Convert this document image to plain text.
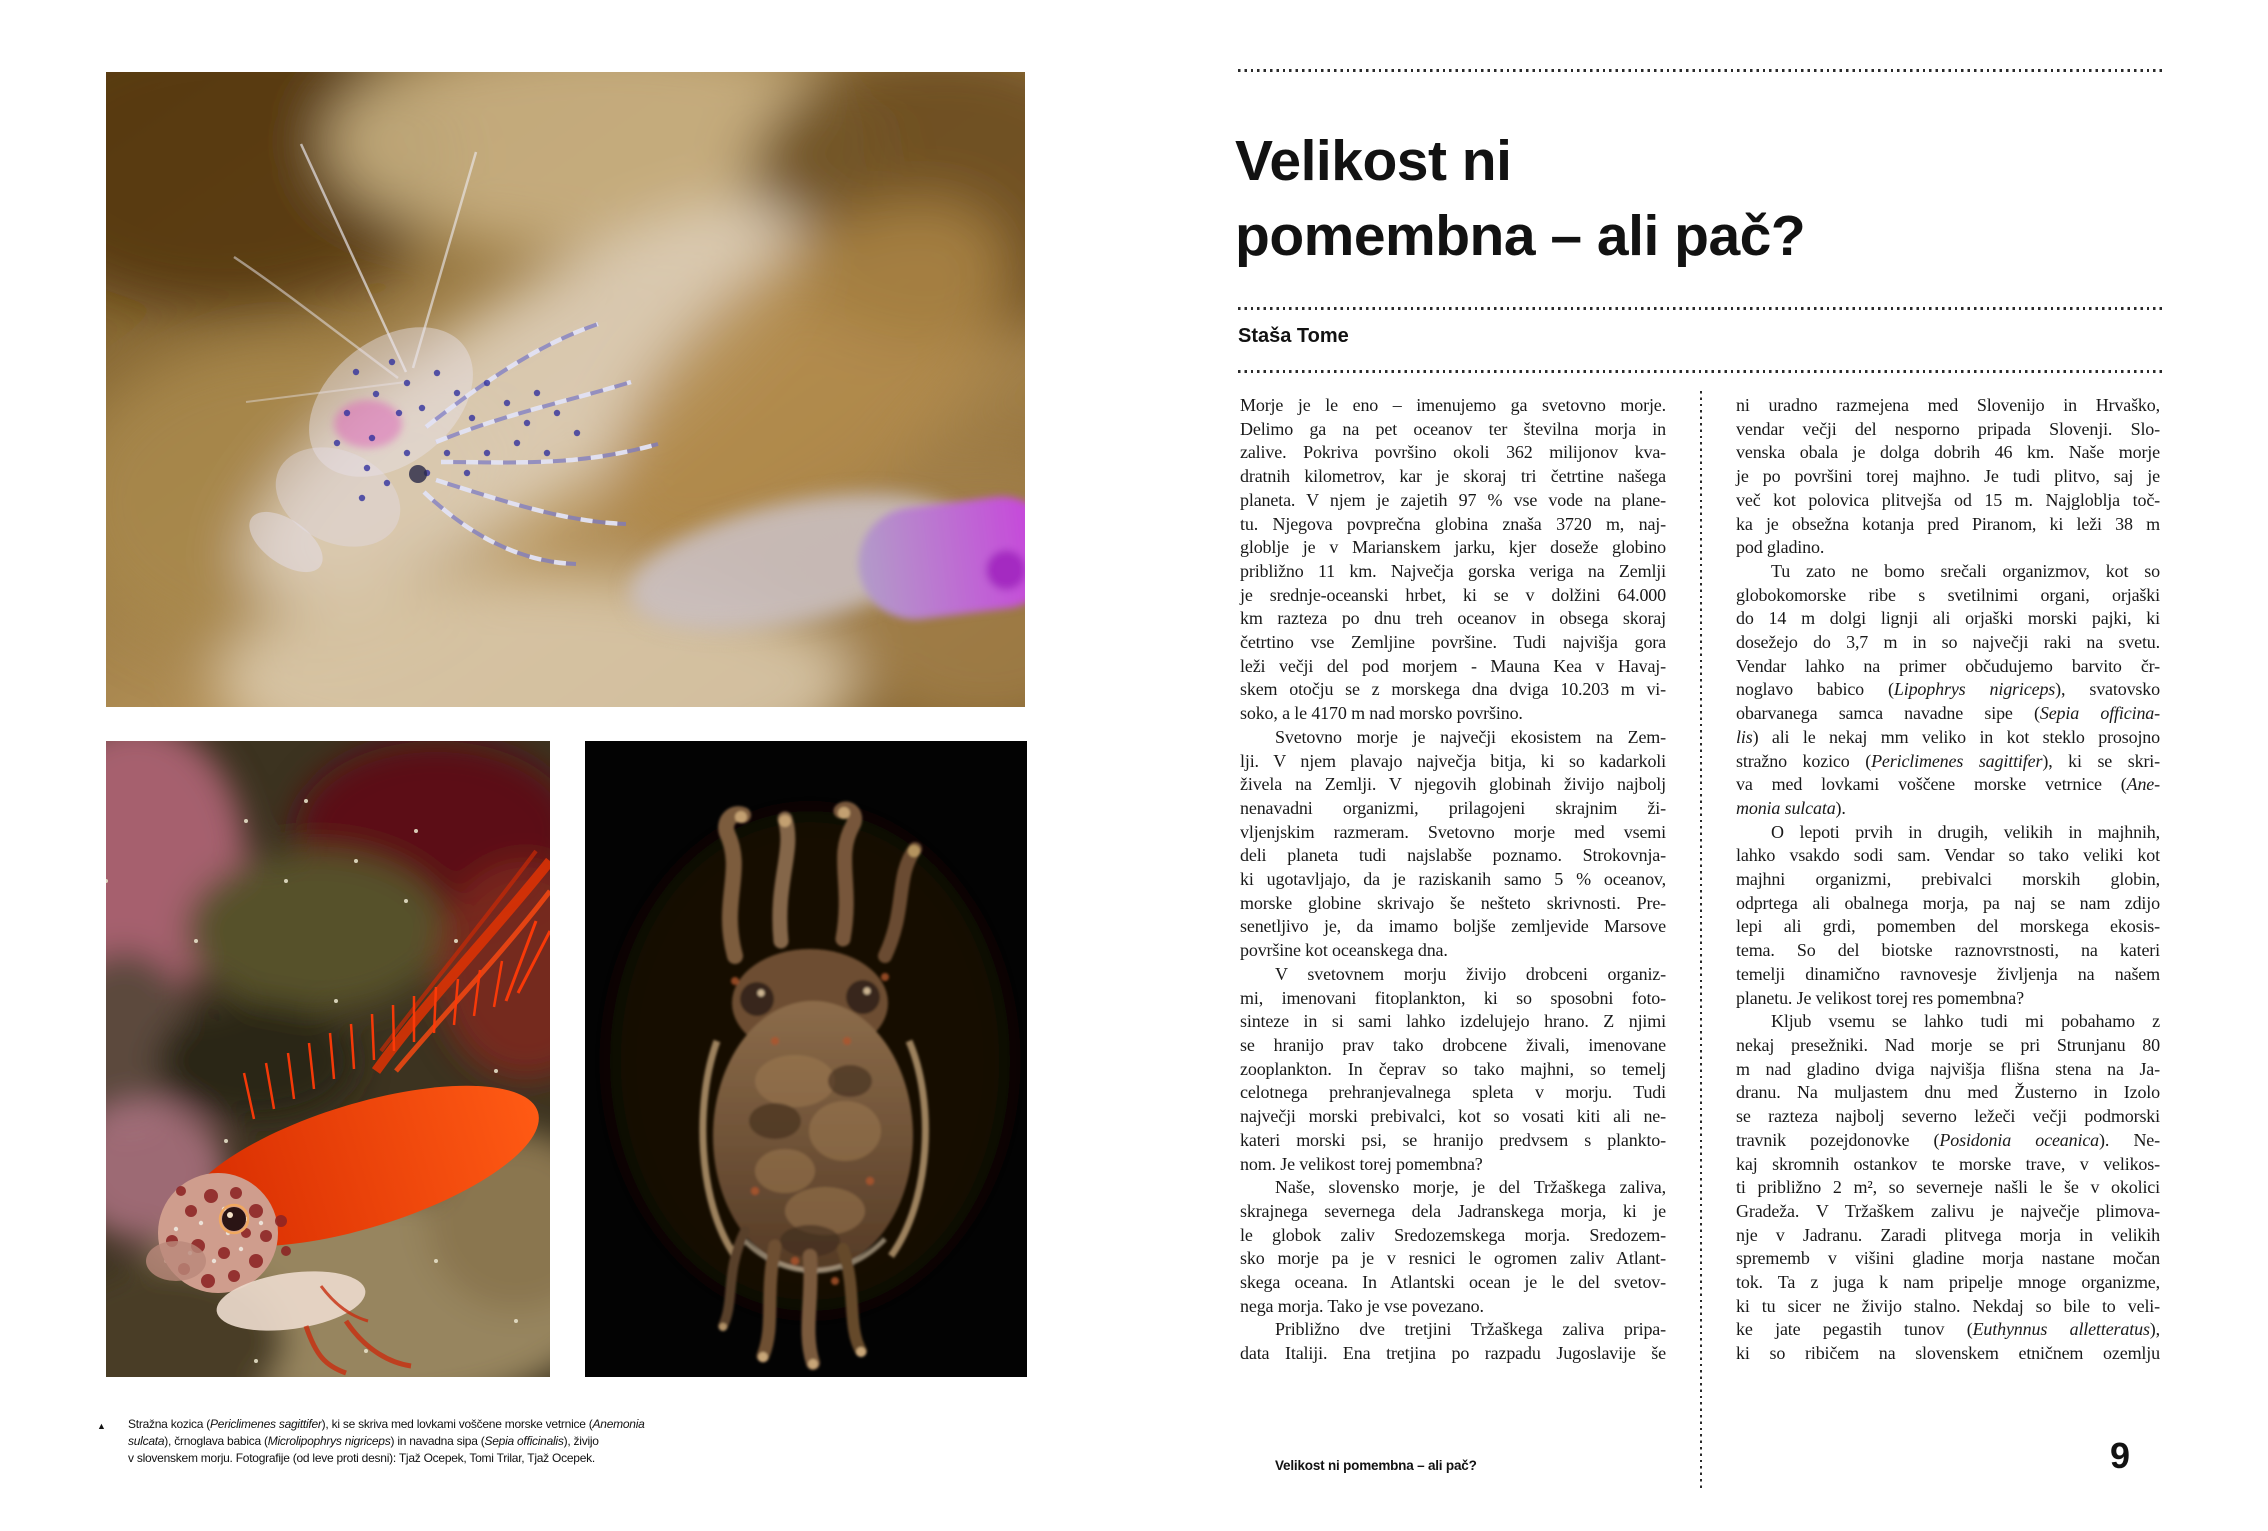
▲ Stražna kozica (Periclimenes sagittifer), ki se skriva med lovkami voščene morske vetrnice (Anemonia
sulcata), črnoglava babica (Microlipophrys nigriceps) in navadna sipa (Sepia officinalis), živijo
v slovenskem morju. Fotografije (od leve proti desni): Tjaž Ocepek, Tomi Trilar, Tjaž Ocepek.
Velikost ni
pomembna – ali pač?
Staša Tome
Morje je le eno – imenujemo ga svetovno morje.
Delimo ga na pet oceanov ter številna morja in
zalive. Pokriva površino okoli 362 milijonov kva-
dratnih kilometrov, kar je skoraj tri četrtine našega
planeta. V njem je zajetih 97 % vse vode na plane-
tu. Njegova povprečna globina znaša 3720 m, naj-
globlje je v Marianskem jarku, kjer doseže globino
približno 11 km. Največja gorska veriga na Zemlji
je srednje-oceanski hrbet, ki se v dolžini 64.000
km razteza po dnu treh oceanov in obsega skoraj
četrtino vse Zemljine površine. Tudi najvišja gora
leži večji del pod morjem - Mauna Kea v Havaj-
skem otočju se z morskega dna dviga 10.203 m vi-
soko, a le 4170 m nad morsko površino.
Svetovno morje je največji ekosistem na Zem-
lji. V njem plavajo največja bitja, ki so kadarkoli
živela na Zemlji. V njegovih globinah živijo najbolj
nenavadni organizmi, prilagojeni skrajnim ži-
vljenjskim razmeram. Svetovno morje med vsemi
deli planeta tudi najslabše poznamo. Strokovnja-
ki ugotavljajo, da je raziskanih samo 5 % oceanov,
morske globine skrivajo še nešteto skrivnosti. Pre-
senetljivo je, da imamo boljše zemljevide Marsove
površine kot oceanskega dna.
V svetovnem morju živijo drobceni organiz-
mi, imenovani fitoplankton, ki so sposobni foto-
sinteze in si sami lahko izdelujejo hrano. Z njimi
se hranijo prav tako drobcene živali, imenovane
zooplankton. In čeprav so tako majhni, so temelj
celotnega prehranjevalnega spleta v morju. Tudi
največji morski prebivalci, kot so vosati kiti ali ne-
kateri morski psi, se hranijo predvsem s plankto-
nom. Je velikost torej pomembna?
Naše, slovensko morje, je del Tržaškega zaliva,
skrajnega severnega dela Jadranskega morja, ki je
le globok zaliv Sredozemskega morja. Sredozem-
sko morje pa je v resnici le ogromen zaliv Atlant-
skega oceana. In Atlantski ocean je le del svetov-
nega morja. Tako je vse povezano.
Približno dve tretjini Tržaškega zaliva pripa-
data Italiji. Ena tretjina po razpadu Jugoslavije še
ni uradno razmejena med Slovenijo in Hrvaško,
vendar večji del nesporno pripada Slovenji. Slo-
venska obala je dolga dobrih 46 km. Naše morje
je po površini torej majhno. Je tudi plitvo, saj je
več kot polovica plitvejša od 15 m. Najgloblja toč-
ka je obsežna kotanja pred Piranom, ki leži 38 m
pod gladino.
Tu zato ne bomo srečali organizmov, kot so
globokomorske ribe s svetilnimi organi, orjaški
do 14 m dolgi lignji ali orjaški morski pajki, ki
dosežejo do 3,7 m in so največji raki na svetu.
Vendar lahko na primer občudujemo barvito čr-
noglavo babico (Lipophrys nigriceps), svatovsko
obarvanega samca navadne sipe (Sepia officina-
lis) ali le nekaj mm veliko in kot steklo prosojno
stražno kozico (Periclimenes sagittifer), ki se skri-
va med lovkami voščene morske vetrnice (Ane-
monia sulcata).
O lepoti prvih in drugih, velikih in majhnih,
lahko vsakdo sodi sam. Vendar so tako veliki kot
majhni organizmi, prebivalci morskih globin,
odprtega ali obalnega morja, pa naj se nam zdijo
lepi ali grdi, pomemben del morskega ekosis-
tema. So del biotske raznovrstnosti, na kateri
temelji dinamično ravnovesje življenja na našem
planetu. Je velikost torej res pomembna?
Kljub vsemu se lahko tudi mi pobahamo z
nekaj presežniki. Nad morje se pri Strunjanu 80
m nad gladino dviga najvišja flišna stena na Ja-
dranu. Na muljastem dnu med Žusterno in Izolo
se razteza najbolj severno ležeči večji podmorski
travnik pozejdonovke (Posidonia oceanica). Ne-
kaj skromnih ostankov te morske trave, v velikos-
ti približno 2 m², so severneje našli le še v okolici
Gradeža. V Tržaškem zalivu je največje plimova-
nje v Jadranu. Zaradi plitvega morja in velikih
sprememb v višini gladine morja nastane močan
tok. Ta z juga k nam pripelje mnoge organizme,
ki tu sicer ne živijo stalno. Nekdaj so bile to veli-
ke jate pegastih tunov (Euthynnus alletteratus),
ki so ribičem na slovenskem etničnem ozemlju
Velikost ni pomembna – ali pač?	9
